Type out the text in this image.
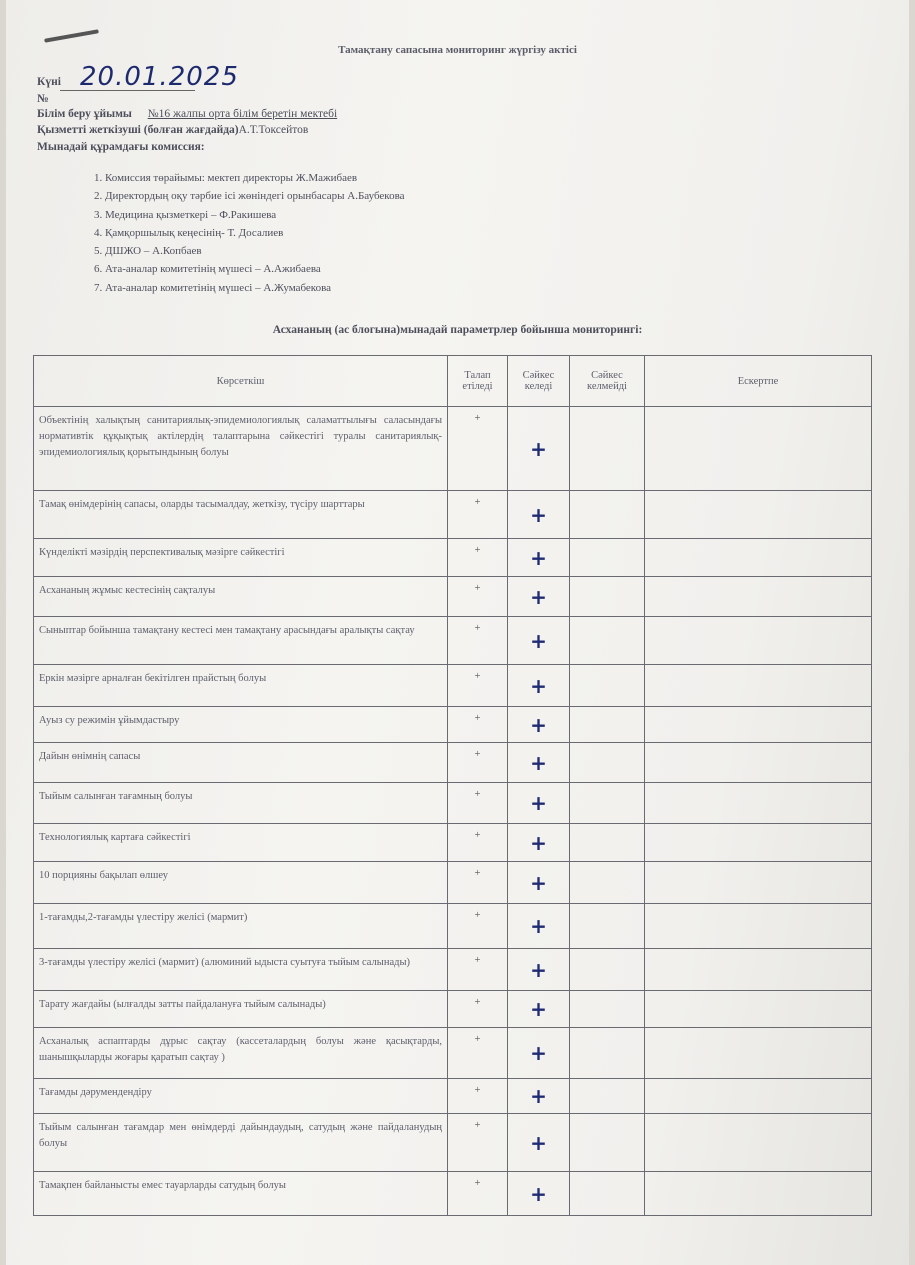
Тамақтану сапасына мониторинг жүргізу актісі
Күні 20.01.2025
№
Білім беру ұйымы №16 жалпы орта білім беретін мектебі
Қызметті жеткізуші (болған жағдайда)А.Т.Токсейтов
Мынадай құрамдағы комиссия:
1. Комиссия төрайымы: мектеп директоры Ж.Мажибаев
2. Директордың оқу тәрбие ісі жөніндегі орынбасары А.Баубекова
3. Медицина қызметкері – Ф.Ракишева
4. Қамқоршылық кеңесінің- Т. Досалиев
5. ДШЖО – А.Копбаев
6. Ата-аналар комитетінің мүшесі – А.Ажибаева
7. Ата-аналар комитетінің мүшесі – А.Жумабекова
Асхананың (ас блогына)мынадай параметрлер бойынша мониторингі:
Көрсеткіш	Талап етіледі	Сәйкес келеді	Сәйкес келмейді	Ескертпе
Объектінің халықтың санитариялық-эпидемиологиялық саламаттылығы саласындағы нормативтік құқықтық актілердің талаптарына сәйкестігі туралы санитариялық-эпидемиологиялық қорытындының болуы	+	+		
Тамақ өнімдерінің сапасы, оларды тасымалдау, жеткізу, түсіру шарттары	+	+		
Күнделікті мәзірдің перспективалық мәзірге сәйкестігі	+	+		
Асхананың жұмыс кестесінің сақталуы	+	+		
Сыныптар бойынша тамақтану кестесі мен тамақтану арасындағы аралықты сақтау	+	+		
Еркін мәзірге арналған бекітілген прайстың болуы	+	+		
Ауыз су режимін ұйымдастыру	+	+		
Дайын өнімнің сапасы	+	+		
Тыйым салынған тағамның болуы	+	+		
Технологиялық картаға сәйкестігі	+	+		
10 порцияны бақылап өлшеу	+	+		
1-тағамды,2-тағамды үлестіру желісі (мармит)	+	+		
3-тағамды үлестіру желісі (мармит) (алюминий ыдыста суытуға тыйым салынады)	+	+		
Тарату жағдайы (ылғалды затты пайдалануға тыйым салынады)	+	+		
Асханалық аспаптарды дұрыс сақтау (кассеталардың болуы және қасықтарды, шанышқыларды жоғары қаратып сақтау )	+	+		
Тағамды дәрумендендіру	+	+		
Тыйым салынған тағамдар мен өнімдерді дайындаудың, сатудың және пайдаланудың болуы	+	+		
Тамақпен байланысты емес тауарларды сатудың болуы	+	+		
